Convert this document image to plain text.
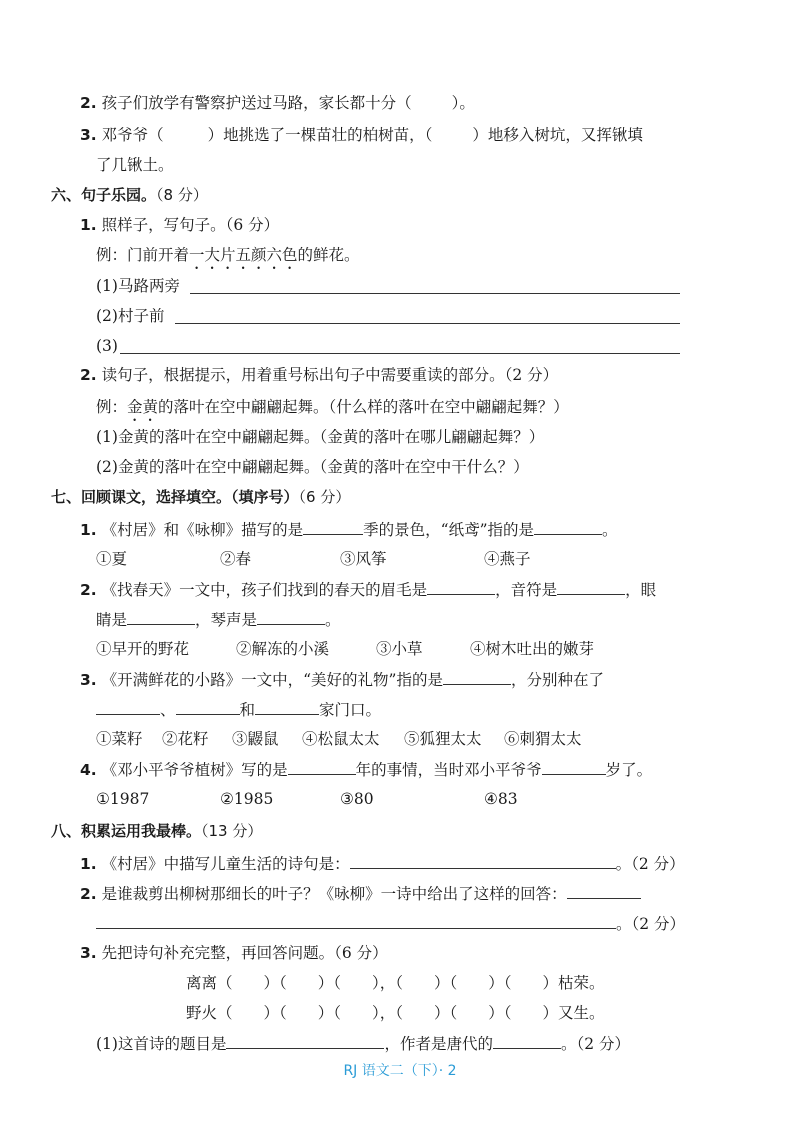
2. 孩子们放学有警察护送过马路，家长都十分（	）。
3. 邓爷爷（	）地挑选了一棵苗壮的柏树苗，（	）地移入树坑，又挥锹填
了几锹土。
六、句子乐园。（8 分）
1. 照样子，写句子。（6 分）
例：门前开着一大片五颜六色的鲜花。
(1)马路两旁
(2)村子前
(3)
2. 读句子，根据提示，用着重号标出句子中需要重读的部分。（2 分）
例：金黄的落叶在空中翩翩起舞。（什么样的落叶在空中翩翩起舞？）
(1)金黄的落叶在空中翩翩起舞。（金黄的落叶在哪儿翩翩起舞？）
(2)金黄的落叶在空中翩翩起舞。（金黄的落叶在空中干什么？）
七、回顾课文，选择填空。（填序号）（6 分）
1. 《村居》和《咏柳》描写的是	季的景色，“纸鸢”指的是	。
①夏	②春	③风筝	④燕子
2. 《找春天》一文中，孩子们找到的春天的眉毛是	，音符是	，眼
睛是	，琴声是	。
①早开的野花	②解冻的小溪	③小草	④树木吐出的嫩芽
3. 《开满鲜花的小路》一文中，“美好的礼物”指的是	，分别种在了
、	和	家门口。
①菜籽 ②花籽 ③鼹鼠 ④松鼠太太 ⑤狐狸太太 ⑥刺猬太太
4. 《邓小平爷爷植树》写的是	年的事情，当时邓小平爷爷	岁了。
①1987	②1985	③80	④83
八、积累运用我最棒。（13 分）
1. 《村居》中描写儿童生活的诗句是：	。（2 分）
2. 是谁裁剪出柳树那细长的叶子？《咏柳》一诗中给出了这样的回答：
。（2 分）
3. 先把诗句补充完整，再回答问题。（6 分）
离离（　　）（　　）（　　），（　　）（　　）（　　）枯荣。
野火（　　）（　　）（　　），（　　）（　　）（　　）又生。
(1)这首诗的题目是	，作者是唐代的	。（2 分）
RJ 语文二（下）· 2
